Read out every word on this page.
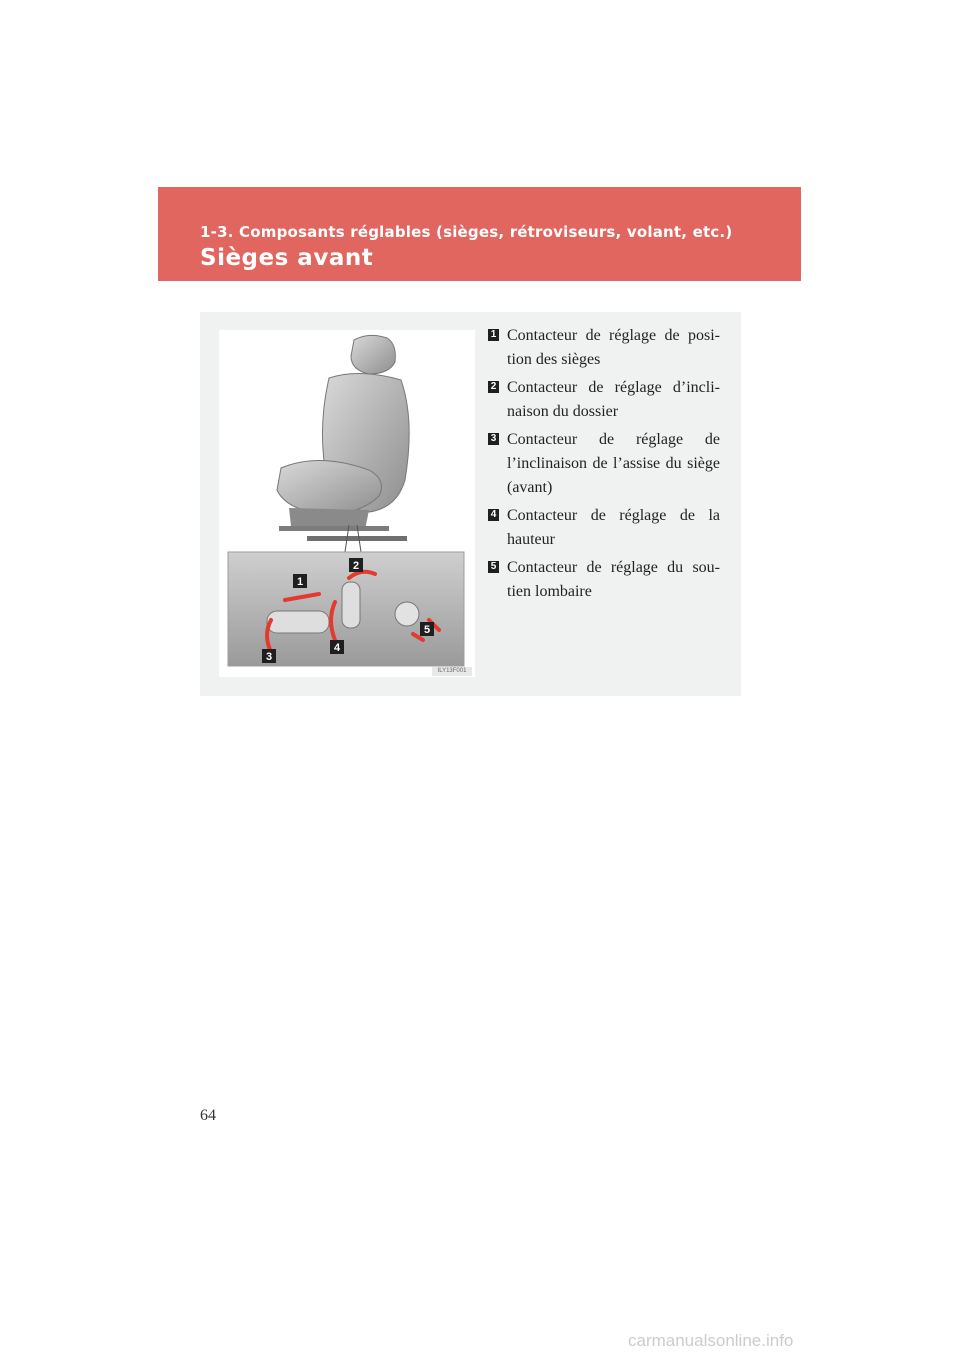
1-3. Composants réglables (sièges, rétroviseurs, volant, etc.)
Sièges avant
1
2
3
4
5
ILY13F001
1 Contacteur de réglage de posi-tion des sièges
2 Contacteur de réglage d’incli-naison du dossier
3 Contacteur de réglage de l’inclinaison de l’assise du siège (avant)
4 Contacteur de réglage de la hauteur
5 Contacteur de réglage du sou-tien lombaire
64
carmanualsonline.info
